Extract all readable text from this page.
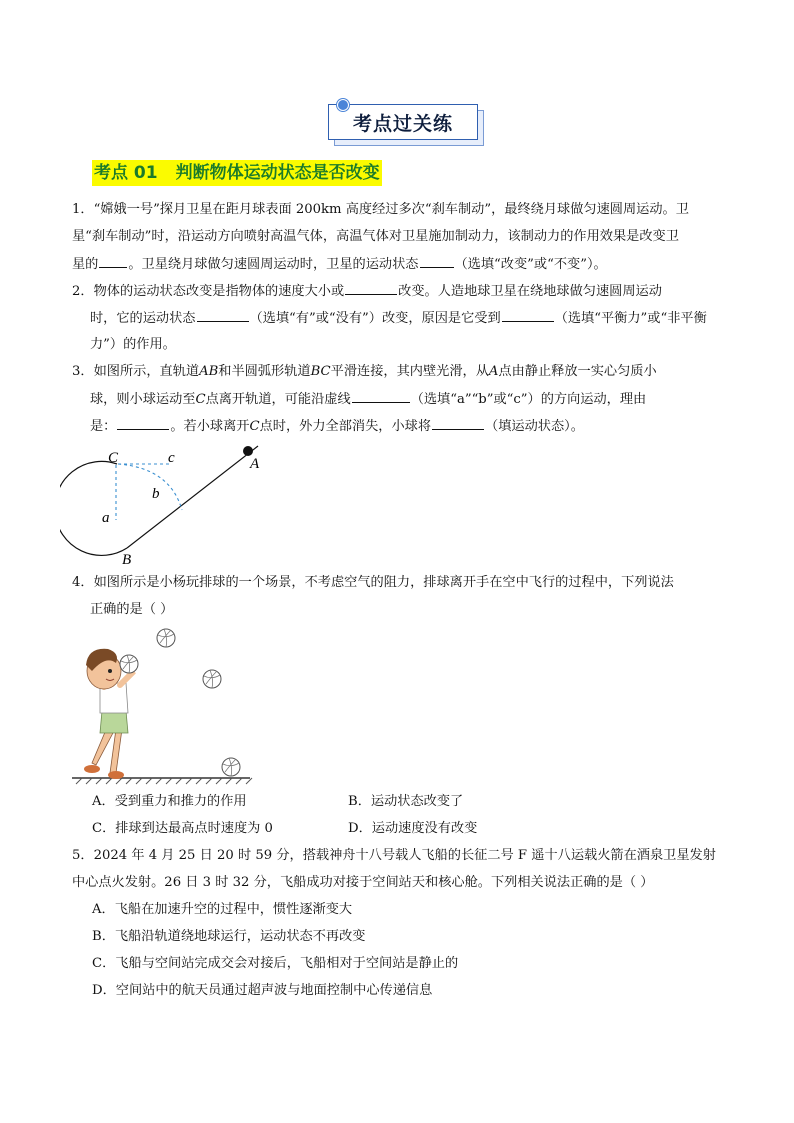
考点过关练
考点 01 判断物体运动状态是否改变
1．“嫦娥一号”探月卫星在距月球表面 200km 高度经过多次“刹车制动”，最终绕月球做匀速圆周运动。卫
星“刹车制动”时，沿运动方向喷射高温气体，高温气体对卫星施加制动力，该制动力的作用效果是改变卫
星的 。卫星绕月球做匀速圆周运动时，卫星的运动状态	（选填“改变”或“不变”）。
2．物体的运动状态改变是指物体的速度大小或	改变。人造地球卫星在绕地球做匀速圆周运动
时，它的运动状态	（选填“有”或“没有”）改变，原因是它受到	（选填“平衡力”或“非平衡
力”）的作用。
3．如图所示，直轨道AB和半圆弧形轨道BC平滑连接，其内壁光滑，从A点由静止释放一实心匀质小
球，则小球运动至C点离开轨道，可能沿虚线	（选填“a”“b”或“c”）的方向运动，理由
是：	。若小球离开C点时，外力全部消失，小球将	（填运动状态）。
C	c
b
a
A
B
4．如图所示是小杨玩排球的一个场景，不考虑空气的阻力，排球离开手在空中飞行的过程中，下列说法
正确的是（ ）
A．受到重力和推力的作用	B．运动状态改变了
C．排球到达最高点时速度为 0	D．运动速度没有改变
5．2024 年 4 月 25 日 20 时 59 分，搭载神舟十八号载人飞船的长征二号 F 遥十八运载火箭在酒泉卫星发射
中心点火发射。26 日 3 时 32 分，飞船成功对接于空间站天和核心舱。下列相关说法正确的是（ ）
A．飞船在加速升空的过程中，惯性逐渐变大
B．飞船沿轨道绕地球运行，运动状态不再改变
C．飞船与空间站完成交会对接后，飞船相对于空间站是静止的
D．空间站中的航天员通过超声波与地面控制中心传递信息
